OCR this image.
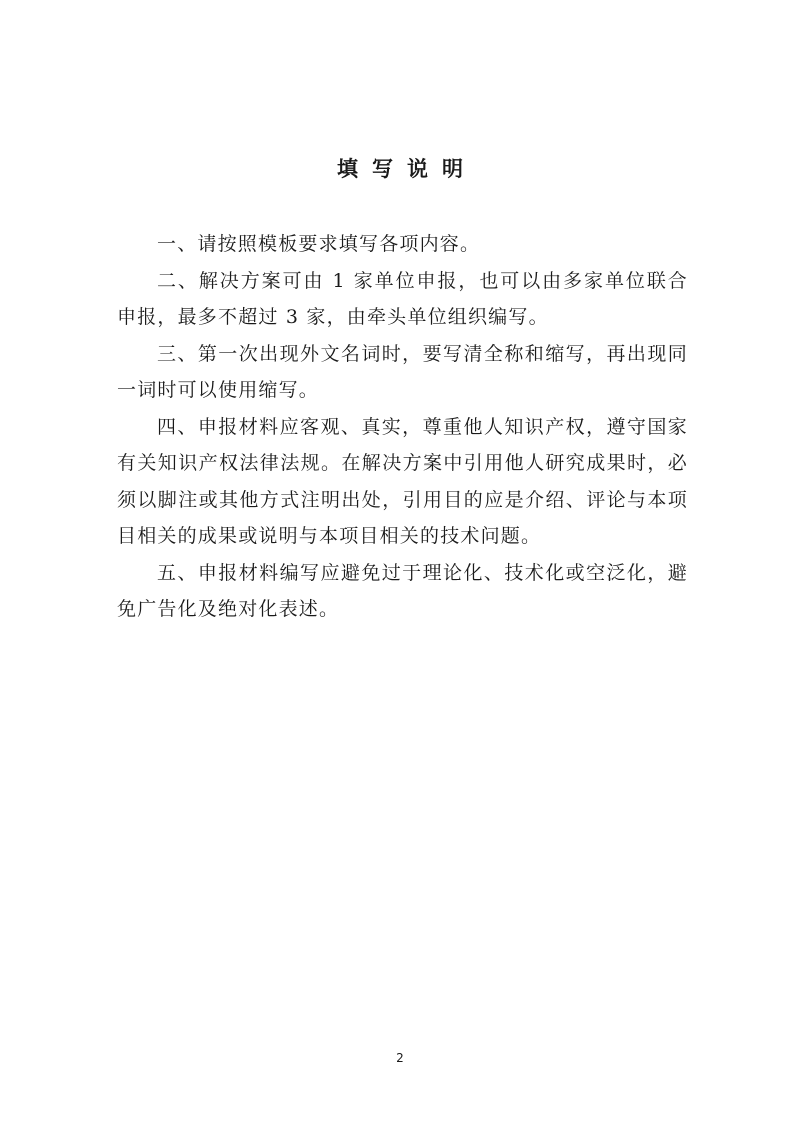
填写说明

一、请按照模板要求填写各项内容。

二、解决方案可由 1 家单位申报，也可以由多家单位联合申报，最多不超过 3 家，由牵头单位组织编写。

三、第一次出现外文名词时，要写清全称和缩写，再出现同一词时可以使用缩写。

四、申报材料应客观、真实，尊重他人知识产权，遵守国家有关知识产权法律法规。在解决方案中引用他人研究成果时，必须以脚注或其他方式注明出处，引用目的应是介绍、评论与本项目相关的成果或说明与本项目相关的技术问题。

五、申报材料编写应避免过于理论化、技术化或空泛化，避免广告化及绝对化表述。

2
